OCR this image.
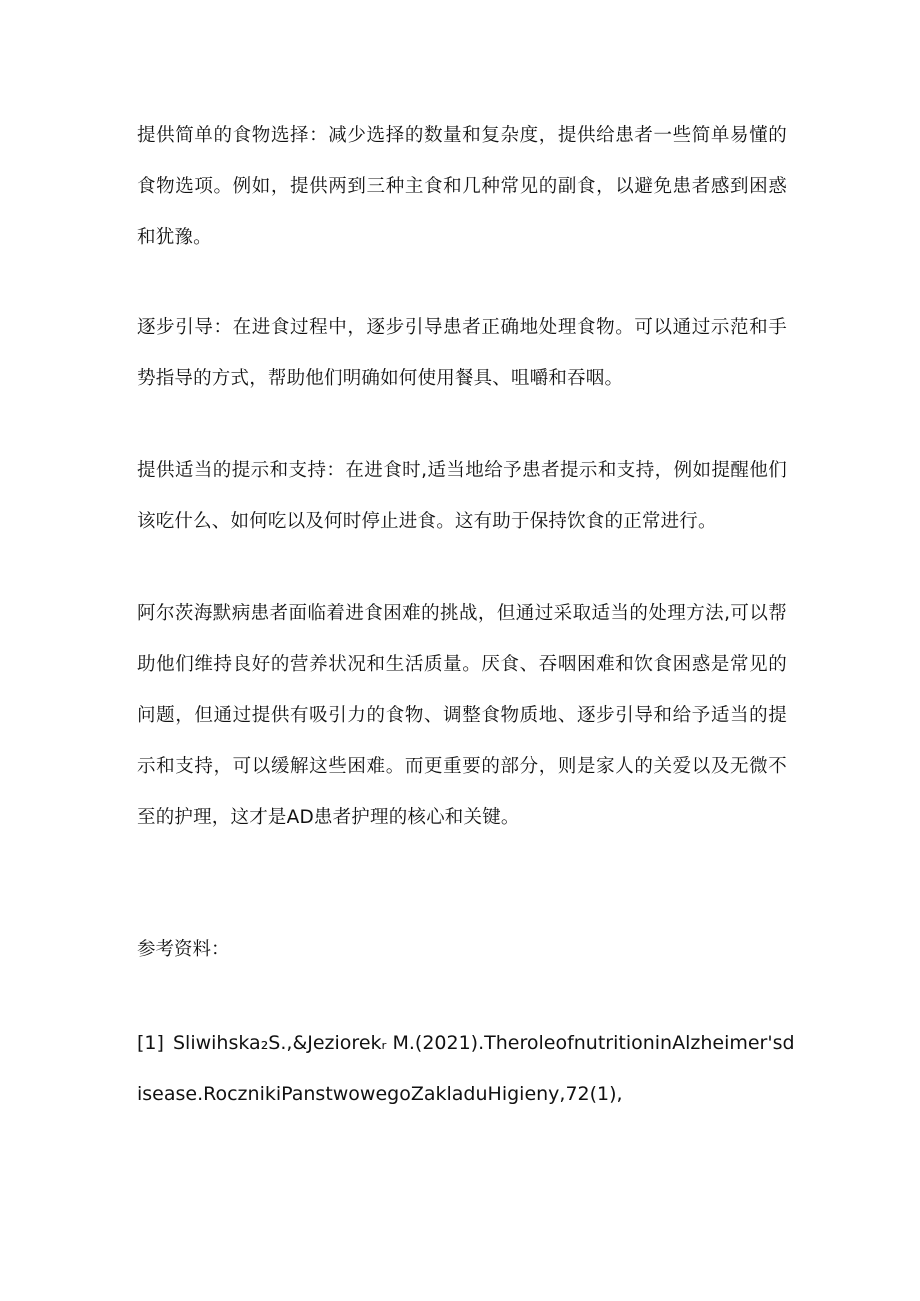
提供简单的食物选择：减少选择的数量和复杂度，提供给患者一些简单易懂的食物选项。例如，提供两到三种主食和几种常见的副食，以避免患者感到困惑和犹豫。

逐步引导：在进食过程中，逐步引导患者正确地处理食物。可以通过示范和手势指导的方式，帮助他们明确如何使用餐具、咀嚼和吞咽。

提供适当的提示和支持：在进食时,适当地给予患者提示和支持，例如提醒他们该吃什么、如何吃以及何时停止进食。这有助于保持饮食的正常进行。

阿尔茨海默病患者面临着进食困难的挑战，但通过采取适当的处理方法,可以帮助他们维持良好的营养状况和生活质量。厌食、吞咽困难和饮食困惑是常见的问题，但通过提供有吸引力的食物、调整食物质地、逐步引导和给予适当的提示和支持，可以缓解这些困难。而更重要的部分，则是家人的关爱以及无微不至的护理，这才是AD患者护理的核心和关键。

参考资料：

[1] Sliwihska₂S.,&Jeziorekᵣ M.(2021).TheroleofnutritioninAlzheimer'sdisease.RocznikiPanstwowegoZakladuHigieny,72(1),
